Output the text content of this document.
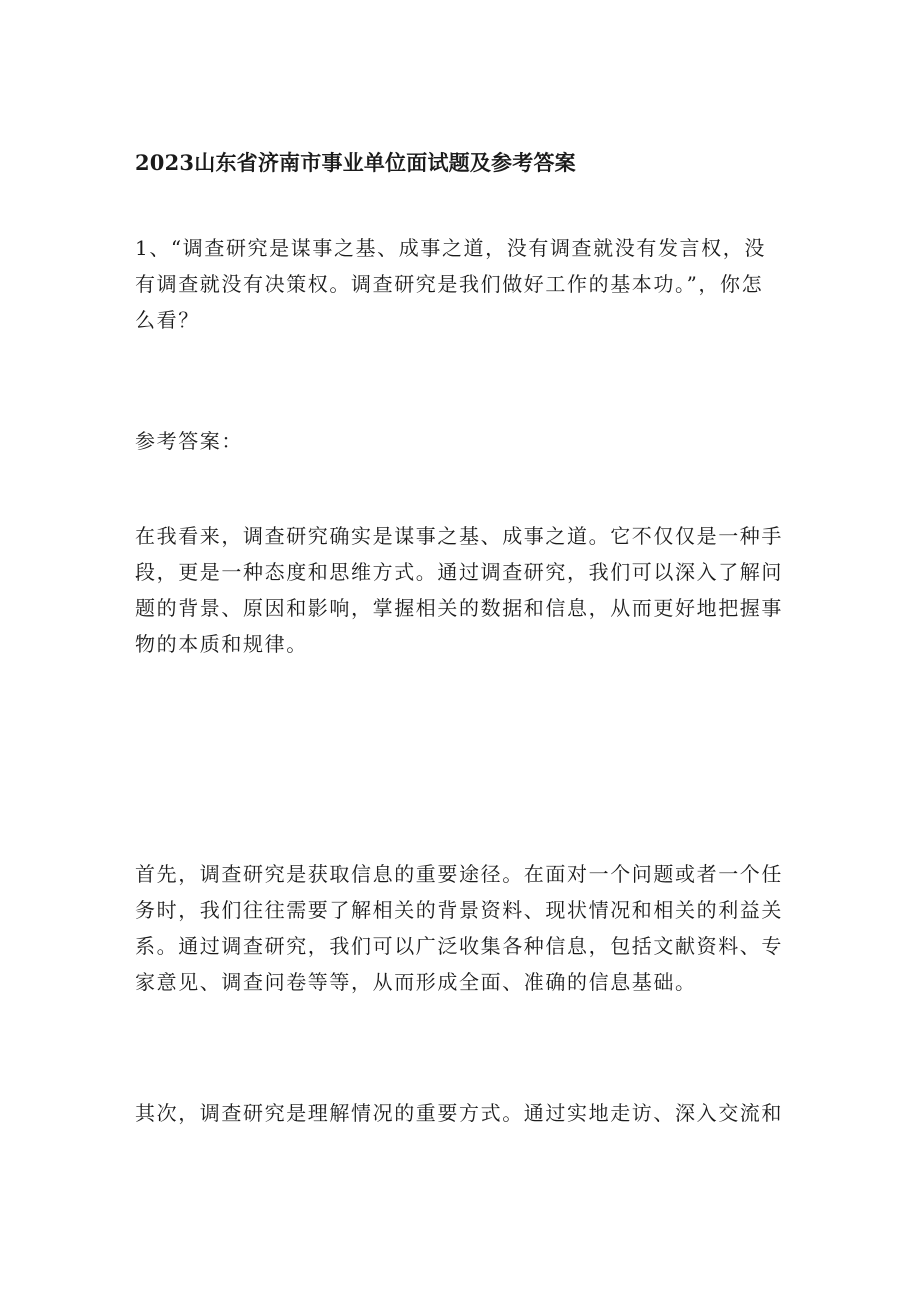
2023山东省济南市事业单位面试题及参考答案
1、“调查研究是谋事之基、成事之道，没有调查就没有发言权，没
有调查就没有决策权。调查研究是我们做好工作的基本功。”，你怎
么看？
参考答案：
在我看来，调查研究确实是谋事之基、成事之道。它不仅仅是一种手
段，更是一种态度和思维方式。通过调查研究，我们可以深入了解问
题的背景、原因和影响，掌握相关的数据和信息，从而更好地把握事
物的本质和规律。
首先，调查研究是获取信息的重要途径。在面对一个问题或者一个任
务时，我们往往需要了解相关的背景资料、现状情况和相关的利益关
系。通过调查研究，我们可以广泛收集各种信息，包括文献资料、专
家意见、调查问卷等等，从而形成全面、准确的信息基础。
其次，调查研究是理解情况的重要方式。通过实地走访、深入交流和
